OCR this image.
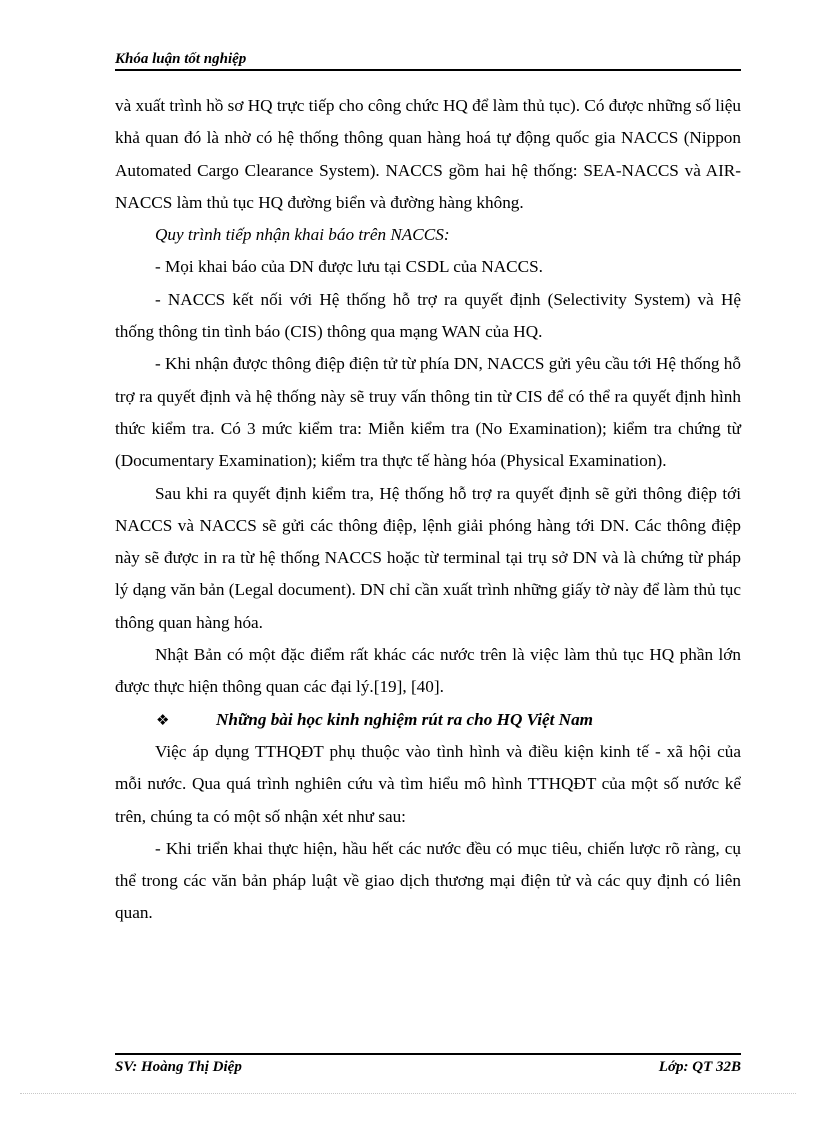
Khóa luận tốt nghiệp

và xuất trình hồ sơ HQ trực tiếp cho công chức HQ để làm thủ tục). Có được những số liệu khả quan đó là nhờ có hệ thống thông quan hàng hoá tự động quốc gia NACCS (Nippon Automated Cargo Clearance System). NACCS gồm hai hệ thống: SEA-NACCS và AIR-NACCS làm thủ tục HQ đường biển và đường hàng không.

Quy trình tiếp nhận khai báo trên NACCS:

- Mọi khai báo của DN được lưu tại CSDL của NACCS.

- NACCS kết nối với Hệ thống hỗ trợ ra quyết định (Selectivity System) và Hệ thống thông tin tình báo (CIS) thông qua mạng WAN của HQ.

- Khi nhận được thông điệp điện tử từ phía DN, NACCS gửi yêu cầu tới Hệ thống hỗ trợ ra quyết định và hệ thống này sẽ truy vấn thông tin từ CIS để có thể ra quyết định hình thức kiểm tra. Có 3 mức kiểm tra: Miễn kiểm tra (No Examination); kiểm tra chứng từ (Documentary Examination); kiểm tra thực tế hàng hóa (Physical Examination).

Sau khi ra quyết định kiểm tra, Hệ thống hỗ trợ ra quyết định sẽ gửi thông điệp tới NACCS và NACCS sẽ gửi các thông điệp, lệnh giải phóng hàng tới DN. Các thông điệp này sẽ được in ra từ hệ thống NACCS hoặc từ terminal tại trụ sở DN và là chứng từ pháp lý dạng văn bản (Legal document). DN chỉ cần xuất trình những giấy tờ này để làm thủ tục thông quan hàng hóa.

Nhật Bản có một đặc điểm rất khác các nước trên là việc làm thủ tục HQ phần lớn được thực hiện thông quan các đại lý.[19], [40].

❖	Những bài học kinh nghiệm rút ra cho HQ Việt Nam

Việc áp dụng TTHQĐT phụ thuộc vào tình hình và điều kiện kinh tế - xã hội của mỗi nước. Qua quá trình nghiên cứu và tìm hiểu mô hình TTHQĐT của một số nước kể trên, chúng ta có một số nhận xét như sau:

- Khi triển khai thực hiện, hầu hết các nước đều có mục tiêu, chiến lược rõ ràng, cụ thể trong các văn bản pháp luật về giao dịch thương mại điện tử và các quy định có liên quan.

SV: Hoàng Thị Diệp	Lớp: QT 32B
